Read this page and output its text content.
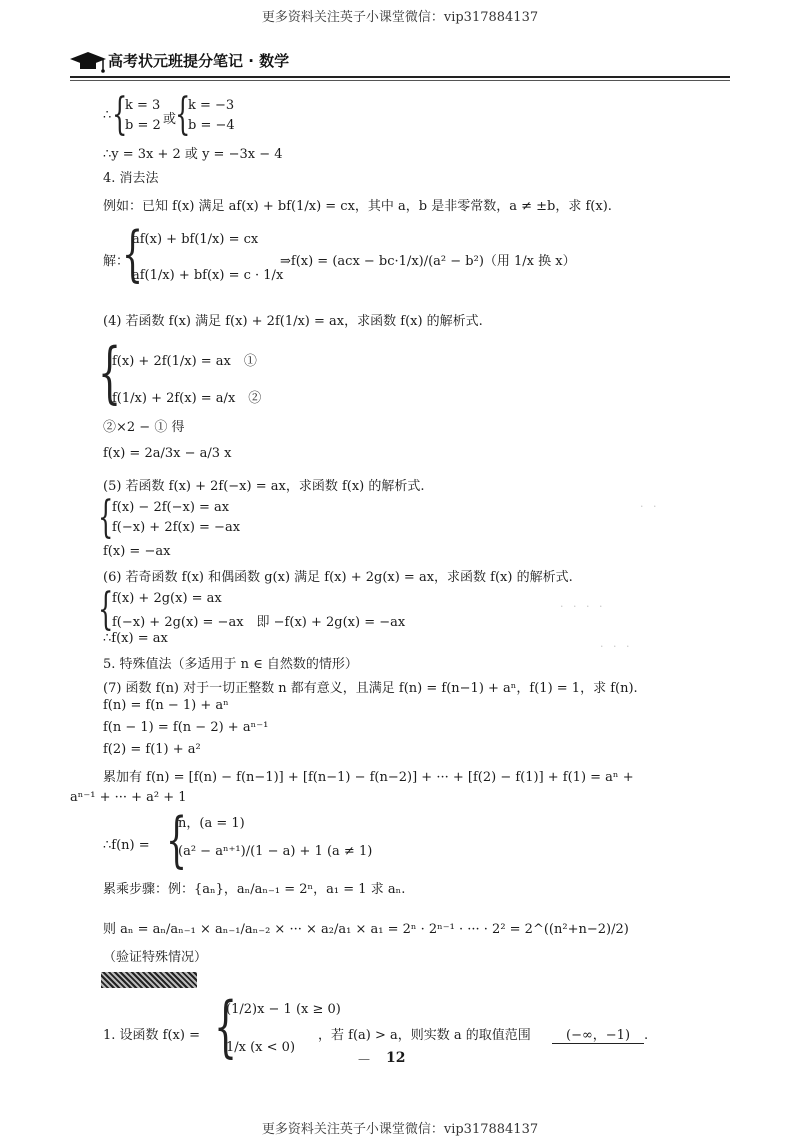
更多资料关注英子小课堂微信：vip317884137
更多资料关注英子小课堂微信：vip317884137
高考状元班提分笔记 · 数学
∴ {
k = 3
b = 2 或
{
k = −3
b = −4
∴y = 3x + 2 或 y = −3x − 4
4. 消去法
例如：已知 f(x) 满足 af(x) + bf(1/x) = cx，其中 a，b 是非零常数，a ≠ ±b，求 f(x).
解：
{
af(x) + bf(1/x) = cx
af(1/x) + bf(x) = c · 1/x
⇒f(x) = (acx − bc·1/x)/(a² − b²)（用 1/x 换 x）
(4) 若函数 f(x) 满足 f(x) + 2f(1/x) = ax，求函数 f(x) 的解析式.
{
f(x) + 2f(1/x) = ax　①
f(1/x) + 2f(x) = a/x　②
②×2 − ① 得
f(x) = 2a/3x − a/3 x
(5) 若函数 f(x) + 2f(−x) = ax，求函数 f(x) 的解析式.
{
f(x) − 2f(−x) = ax
f(−x) + 2f(x) = −ax
f(x) = −ax
(6) 若奇函数 f(x) 和偶函数 g(x) 满足 f(x) + 2g(x) = ax，求函数 f(x) 的解析式.
{
f(x) + 2g(x) = ax
f(−x) + 2g(x) = −ax　即 −f(x) + 2g(x) = −ax
∴f(x) = ax
5. 特殊值法（多适用于 n ∈ 自然数的情形）
(7) 函数 f(n) 对于一切正整数 n 都有意义，且满足 f(n) = f(n−1) + aⁿ，f(1) = 1，求 f(n).
f(n) = f(n − 1) + aⁿ
f(n − 1) = f(n − 2) + aⁿ⁻¹
f(2) = f(1) + a²
累加有 f(n) = [f(n) − f(n−1)] + [f(n−1) − f(n−2)] + ··· + [f(2) − f(1)] + f(1) = aⁿ +
aⁿ⁻¹ + ··· + a² + 1
∴f(n) = {
n，(a = 1)
(a² − aⁿ⁺¹)/(1 − a) + 1 (a ≠ 1)
累乘步骤：例：{aₙ}，aₙ/aₙ₋₁ = 2ⁿ，a₁ = 1 求 aₙ.
则 aₙ = aₙ/aₙ₋₁ × aₙ₋₁/aₙ₋₂ × ··· × a₂/a₁ × a₁ = 2ⁿ · 2ⁿ⁻¹ · ··· · 2² = 2^((n²+n−2)/2)
（验证特殊情况）
1. 设函数 f(x) = {
(1/2)x − 1 (x ≥ 0)
1/x (x < 0)
，若 f(a) > a，则实数 a 的取值范围	(−∞，−1) .
— 12
· · · ·
· · ·
· ·
